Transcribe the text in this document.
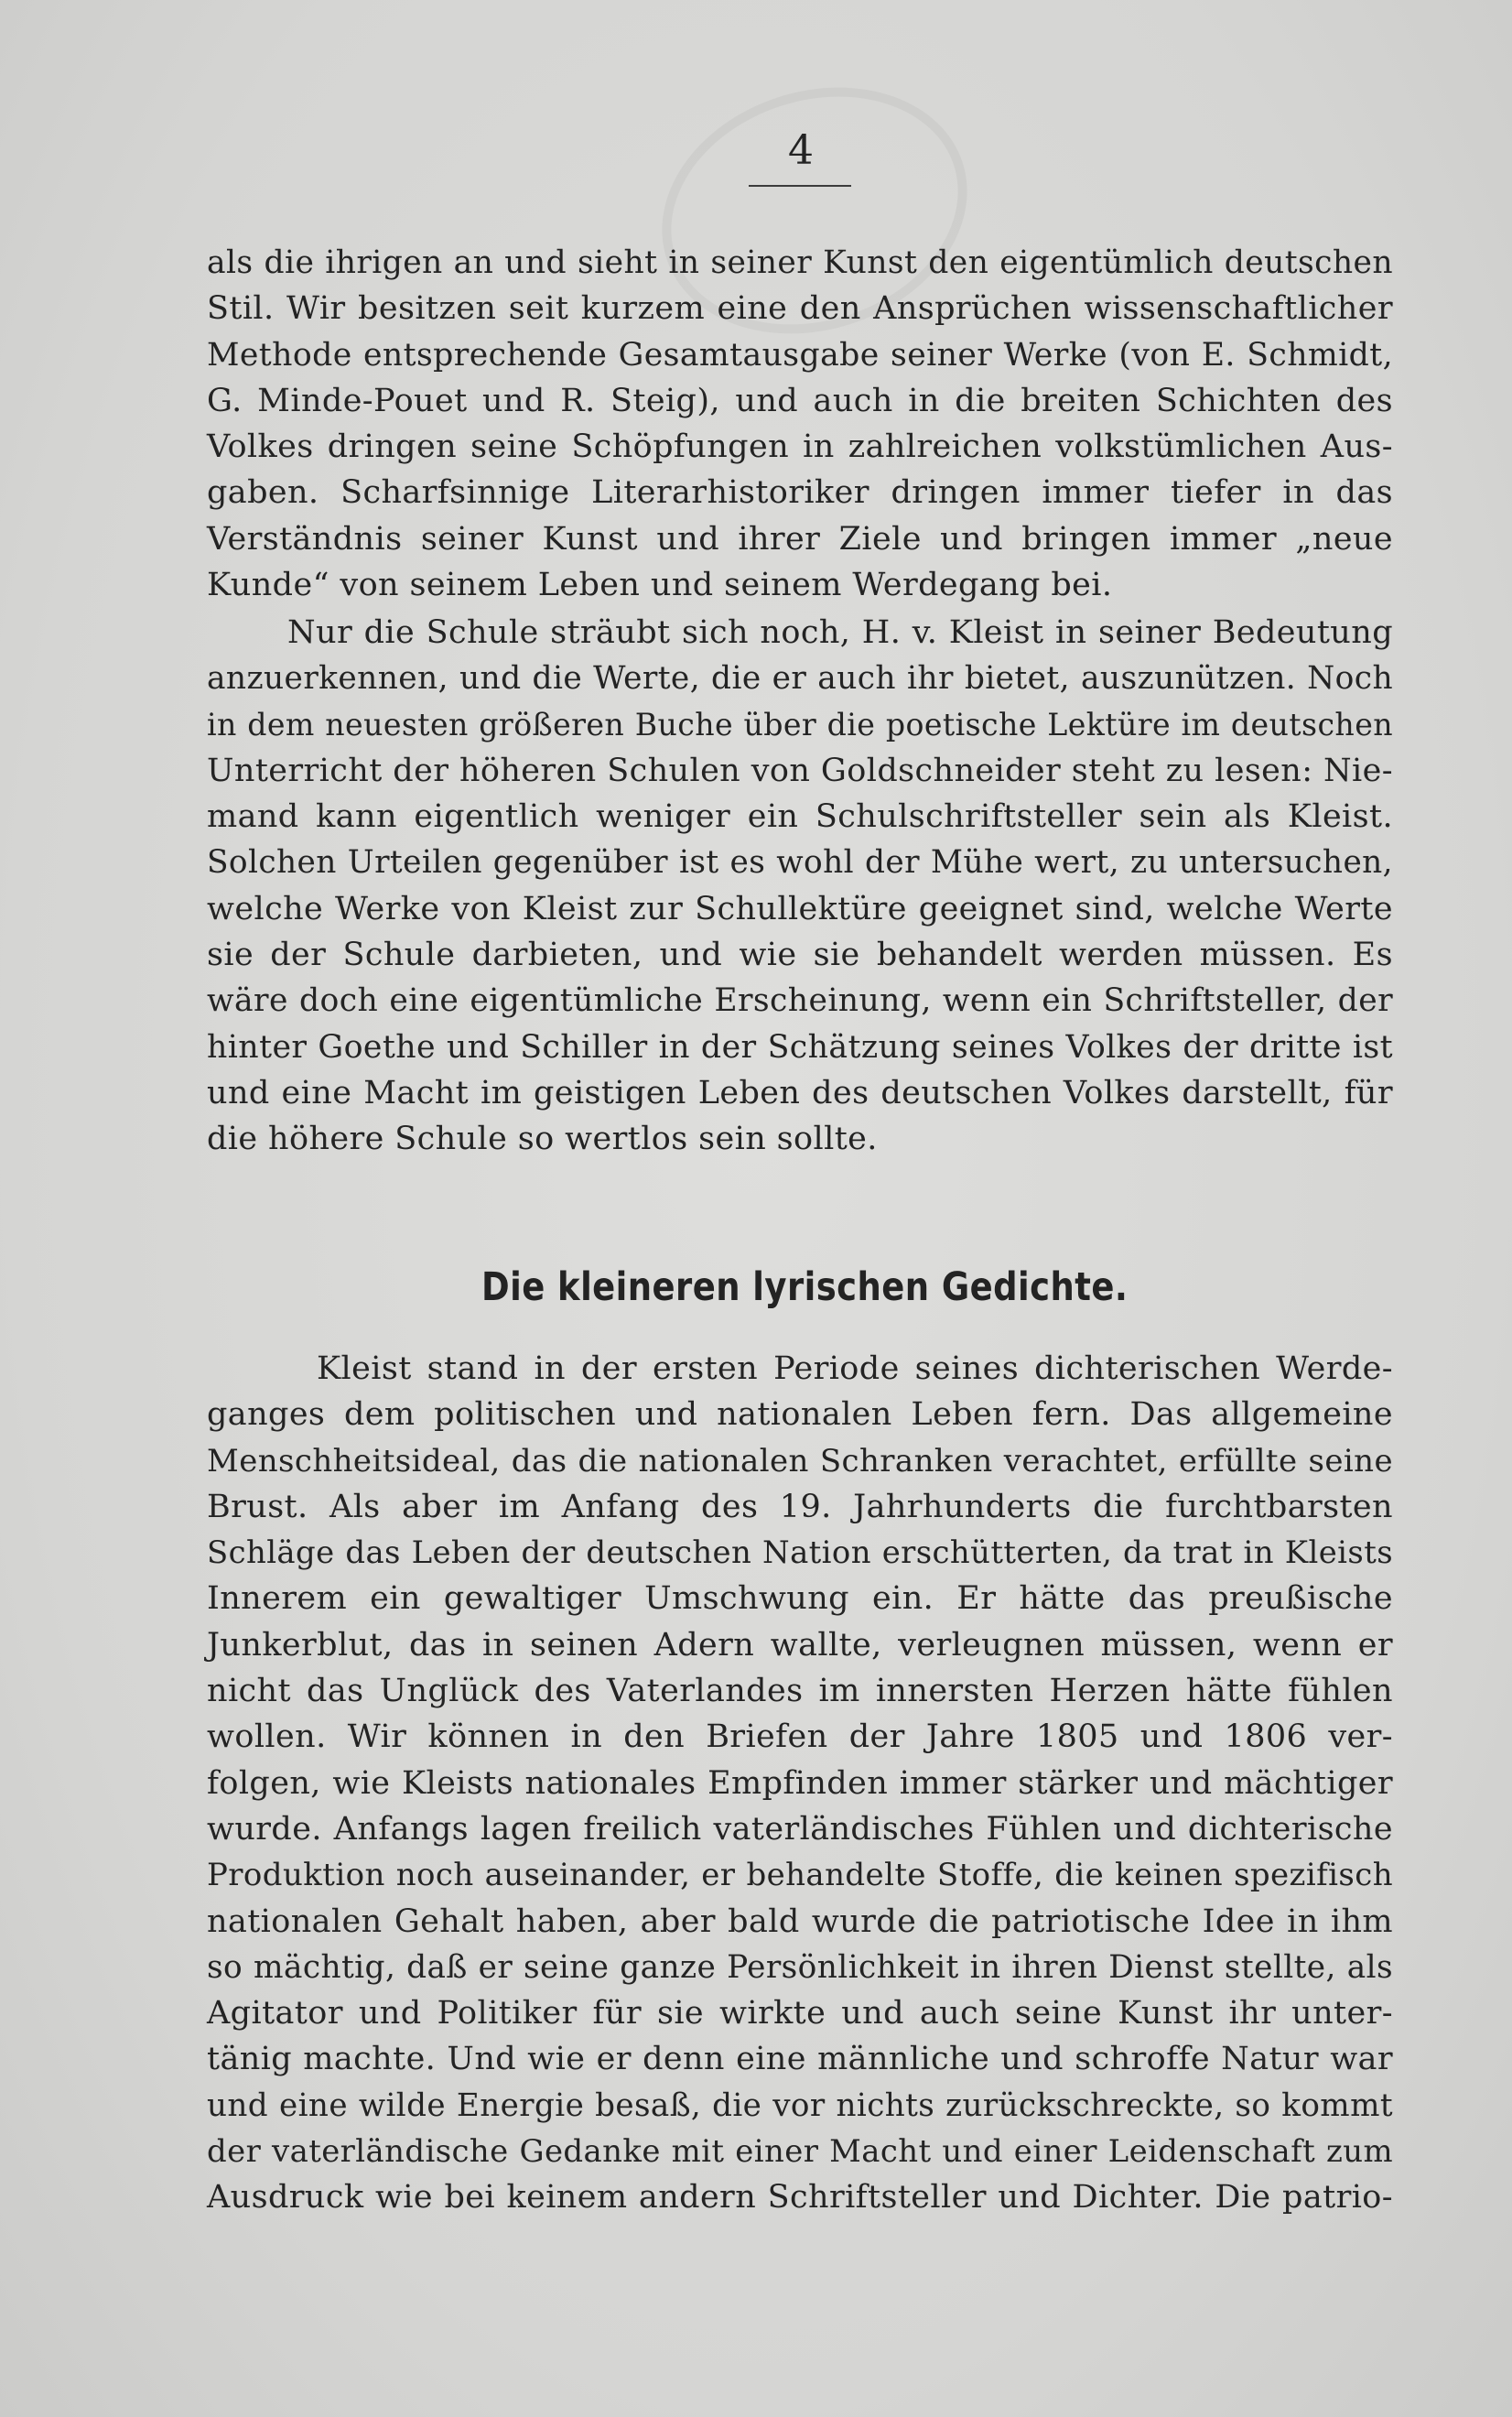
4
als die ihrigen an und sieht in seiner Kunst den eigentümlich deutschen
Stil. Wir besitzen seit kurzem eine den Ansprüchen wissenschaftlicher
Methode entsprechende Gesamtausgabe seiner Werke (von E. Schmidt,
G. Minde-Pouet und R. Steig), und auch in die breiten Schichten des
Volkes dringen seine Schöpfungen in zahlreichen volkstümlichen Aus-
gaben. Scharfsinnige Literarhistoriker dringen immer tiefer in das
Verständnis seiner Kunst und ihrer Ziele und bringen immer „neue
Kunde“ von seinem Leben und seinem Werdegang bei.
Nur die Schule sträubt sich noch, H. v. Kleist in seiner Bedeutung
anzuerkennen, und die Werte, die er auch ihr bietet, auszunützen. Noch
in dem neuesten größeren Buche über die poetische Lektüre im deutschen
Unterricht der höheren Schulen von Goldschneider steht zu lesen: Nie-
mand kann eigentlich weniger ein Schulschriftsteller sein als Kleist.
Solchen Urteilen gegenüber ist es wohl der Mühe wert, zu untersuchen,
welche Werke von Kleist zur Schullektüre geeignet sind, welche Werte
sie der Schule darbieten, und wie sie behandelt werden müssen. Es
wäre doch eine eigentümliche Erscheinung, wenn ein Schriftsteller, der
hinter Goethe und Schiller in der Schätzung seines Volkes der dritte ist
und eine Macht im geistigen Leben des deutschen Volkes darstellt, für
die höhere Schule so wertlos sein sollte.
Die kleineren lyrischen Gedichte.
Kleist stand in der ersten Periode seines dichterischen Werde-
ganges dem politischen und nationalen Leben fern. Das allgemeine
Menschheitsideal, das die nationalen Schranken verachtet, erfüllte seine
Brust. Als aber im Anfang des 19. Jahrhunderts die furchtbarsten
Schläge das Leben der deutschen Nation erschütterten, da trat in Kleists
Innerem ein gewaltiger Umschwung ein. Er hätte das preußische
Junkerblut, das in seinen Adern wallte, verleugnen müssen, wenn er
nicht das Unglück des Vaterlandes im innersten Herzen hätte fühlen
wollen. Wir können in den Briefen der Jahre 1805 und 1806 ver-
folgen, wie Kleists nationales Empfinden immer stärker und mächtiger
wurde. Anfangs lagen freilich vaterländisches Fühlen und dichterische
Produktion noch auseinander, er behandelte Stoffe, die keinen spezifisch
nationalen Gehalt haben, aber bald wurde die patriotische Idee in ihm
so mächtig, daß er seine ganze Persönlichkeit in ihren Dienst stellte, als
Agitator und Politiker für sie wirkte und auch seine Kunst ihr unter-
tänig machte. Und wie er denn eine männliche und schroffe Natur war
und eine wilde Energie besaß, die vor nichts zurückschreckte, so kommt
der vaterländische Gedanke mit einer Macht und einer Leidenschaft zum
Ausdruck wie bei keinem andern Schriftsteller und Dichter. Die patrio-
